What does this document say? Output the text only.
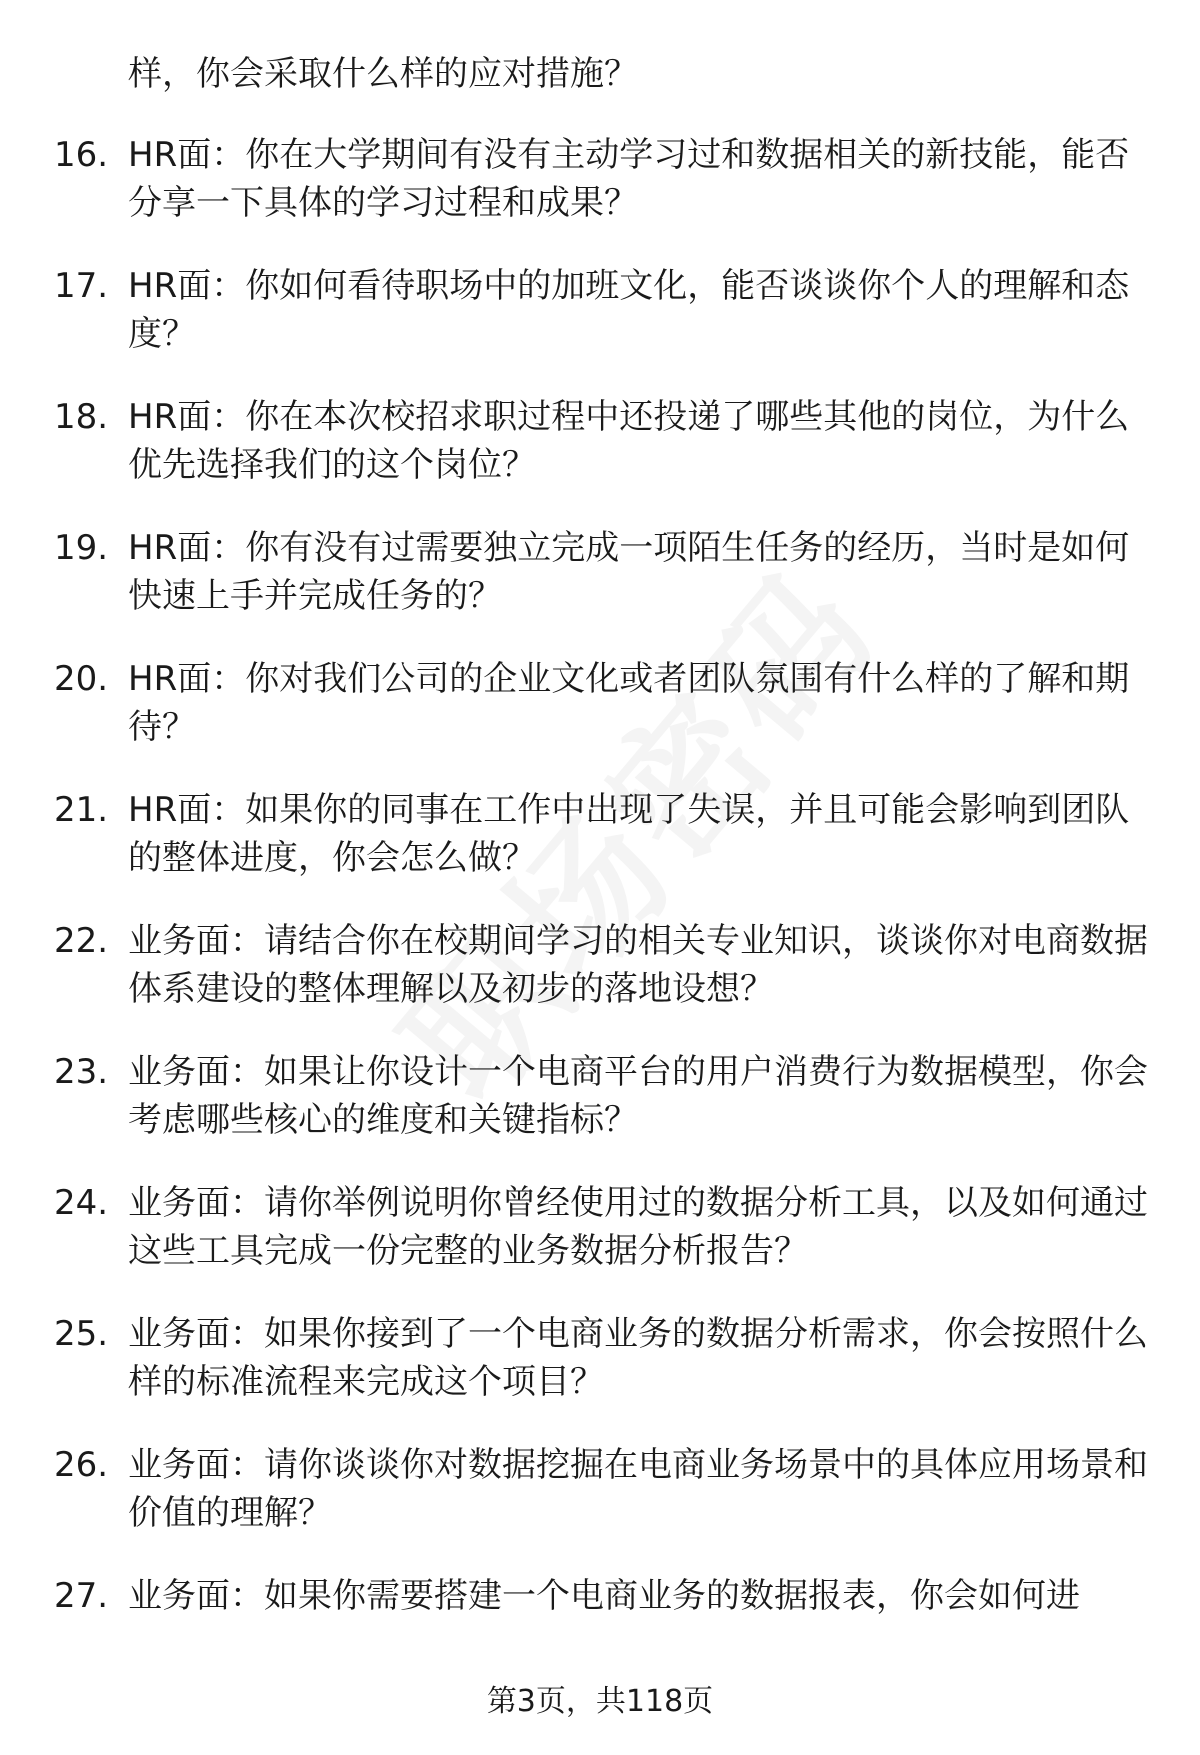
样，你会采取什么样的应对措施？
16. HR面：你在大学期间有没有主动学习过和数据相关的新技能，能否分享一下具体的学习过程和成果？
17. HR面：你如何看待职场中的加班文化，能否谈谈你个人的理解和态度？
18. HR面：你在本次校招求职过程中还投递了哪些其他的岗位，为什么优先选择我们的这个岗位？
19. HR面：你有没有过需要独立完成一项陌生任务的经历，当时是如何快速上手并完成任务的？
20. HR面：你对我们公司的企业文化或者团队氛围有什么样的了解和期待？
21. HR面：如果你的同事在工作中出现了失误，并且可能会影响到团队的整体进度，你会怎么做？
22. 业务面：请结合你在校期间学习的相关专业知识，谈谈你对电商数据体系建设的整体理解以及初步的落地设想？
23. 业务面：如果让你设计一个电商平台的用户消费行为数据模型，你会考虑哪些核心的维度和关键指标？
24. 业务面：请你举例说明你曾经使用过的数据分析工具，以及如何通过这些工具完成一份完整的业务数据分析报告？
25. 业务面：如果你接到了一个电商业务的数据分析需求，你会按照什么样的标准流程来完成这个项目？
26. 业务面：请你谈谈你对数据挖掘在电商业务场景中的具体应用场景和价值的理解？
27. 业务面：如果你需要搭建一个电商业务的数据报表，你会如何进
第3页，共118页
